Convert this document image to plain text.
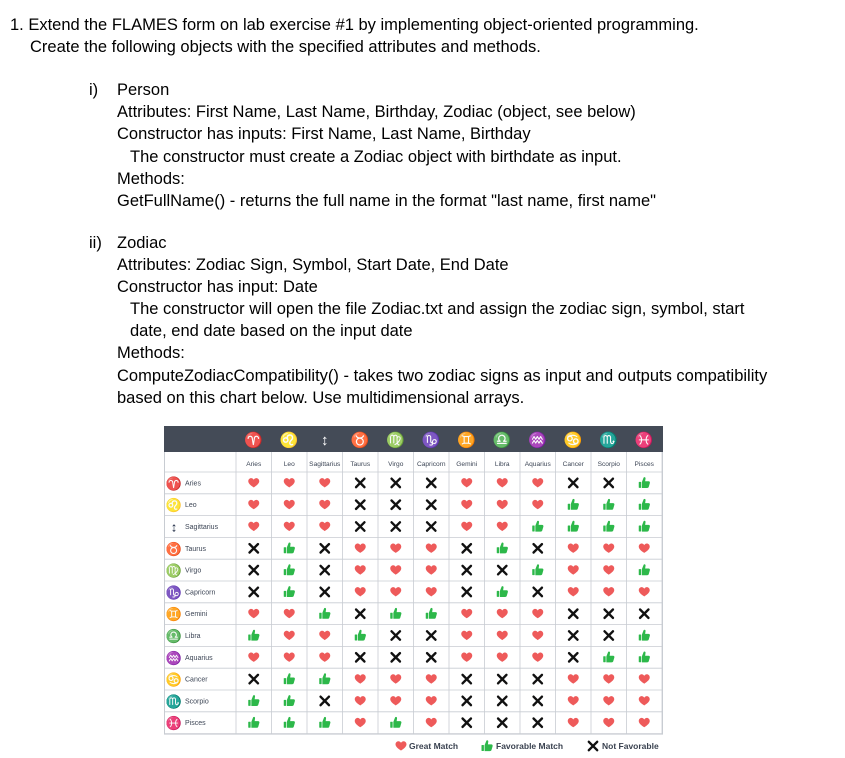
1. Extend the FLAMES form on lab exercise #1 by implementing object-oriented programming.
Create the following objects with the specified attributes and methods.
i) Person
Attributes: First Name, Last Name, Birthday, Zodiac (object, see below)
Constructor has inputs: First Name, Last Name, Birthday
The constructor must create a Zodiac object with birthdate as input.
Methods:
GetFullName() - returns the full name in the format "last name, first name"
ii) Zodiac
Attributes: Zodiac Sign, Symbol, Start Date, End Date
Constructor has input: Date
The constructor will open the file Zodiac.txt and assign the zodiac sign, symbol, start
date, end date based on the input date
Methods:
ComputeZodiacCompatibility() - takes two zodiac signs as input and outputs compatibility
based on this chart below. Use multidimensional arrays.
♈
Aries
♌
Leo
↕
Sagittarius
♉
Taurus
♍
Virgo
♑
Capricorn
♊
Gemini
♎
Libra
♒
Aquarius
♋
Cancer
♏
Scorpio
♓
Pisces
♈ Aries
♌ Leo
↕ Sagittarius
♉ Taurus
♍ Virgo
♑ Capricorn
♊ Gemini
♎ Libra
♒ Aquarius
♋ Cancer
♏ Scorpio
♓ Pisces
Great Match	Favorable Match	Not Favorable
